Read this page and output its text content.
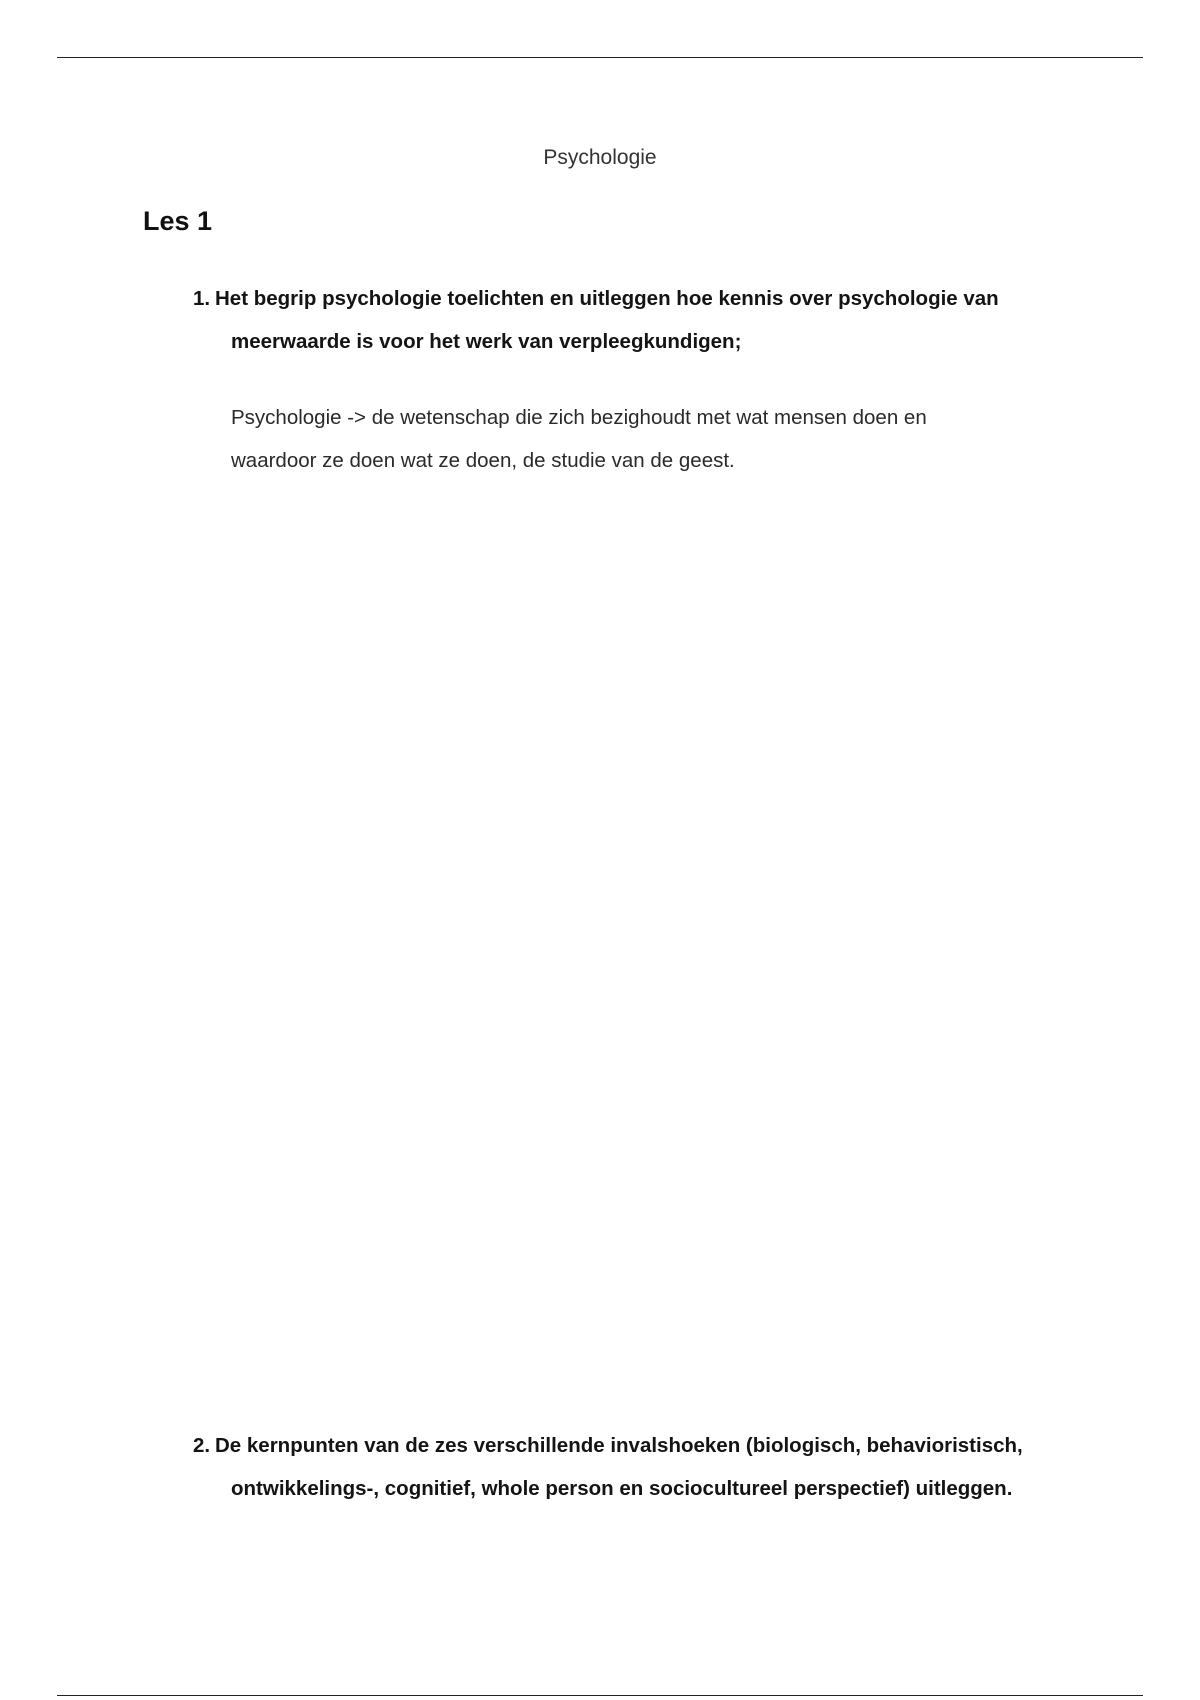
Psychologie
Les 1
1. Het begrip psychologie toelichten en uitleggen hoe kennis over psychologie van
meerwaarde is voor het werk van verpleegkundigen;
Psychologie -> de wetenschap die zich bezighoudt met wat mensen doen en
waardoor ze doen wat ze doen, de studie van de geest.
2. De kernpunten van de zes verschillende invalshoeken (biologisch, behavioristisch,
ontwikkelings-, cognitief, whole person en sociocultureel perspectief) uitleggen.
